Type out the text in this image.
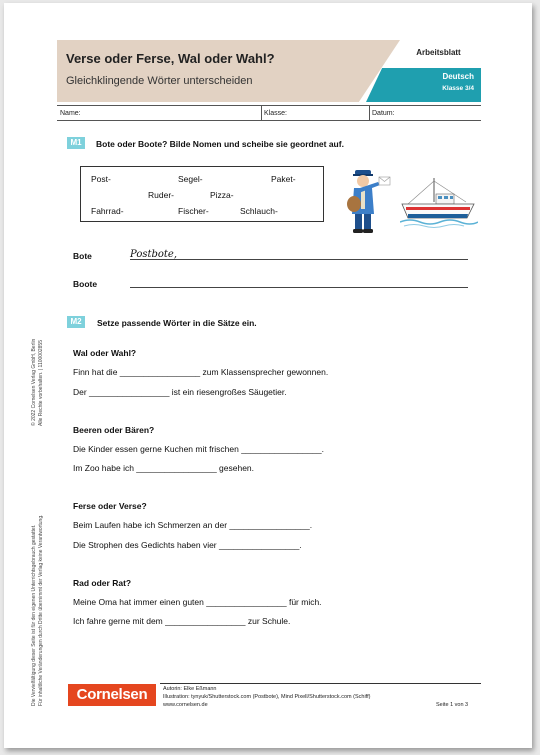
Verse oder Ferse, Wal oder Wahl?
Gleichklingende Wörter unterscheiden
Arbeitsblatt
Deutsch
Klasse 3/4
Name:	Klasse:	Datum:
M1	Bote oder Boote? Bilde Nomen und scheibe sie geordnet auf.
Post-	Segel-	Paket-
Ruder-	Pizza-
Fahrrad-	Fischer-	Schlauch-
Bote	Postbote,
Boote
M2	Setze passende Wörter in die Sätze ein.
Wal oder Wahl?
Finn hat die _________________ zum Klassensprecher gewonnen.
Der _________________ ist ein riesengroßes Säugetier.
Beeren oder Bären?
Die Kinder essen gerne Kuchen mit frischen _________________.
Im Zoo habe ich _________________ gesehen.
Ferse oder Verse?
Beim Laufen habe ich Schmerzen an der _________________.
Die Strophen des Gedichts haben vier _________________.
Rad oder Rat?
Meine Oma hat immer einen guten _________________ für mich.
Ich fahre gerne mit dem _________________ zur Schule.
© 2022 Cornelsen Verlag GmbH, Berlin Alle Rechte vorbehalten. | 1100002855
Die Vervielfältigung dieser Seite ist für den eigenen Unterrichtsgebrauch gestattet. Für inhaltliche Veränderungen durch Dritte übernimmt der Verlag keine Verantwortung.	Cornelsen	Autorin: Elke Eßmann
Illustration: tynyuk/Shutterstock.com (Postbote), Mind Pixell/Shutterstock.com (Schiff)
www.cornelsen.de	Seite 1 von 3
